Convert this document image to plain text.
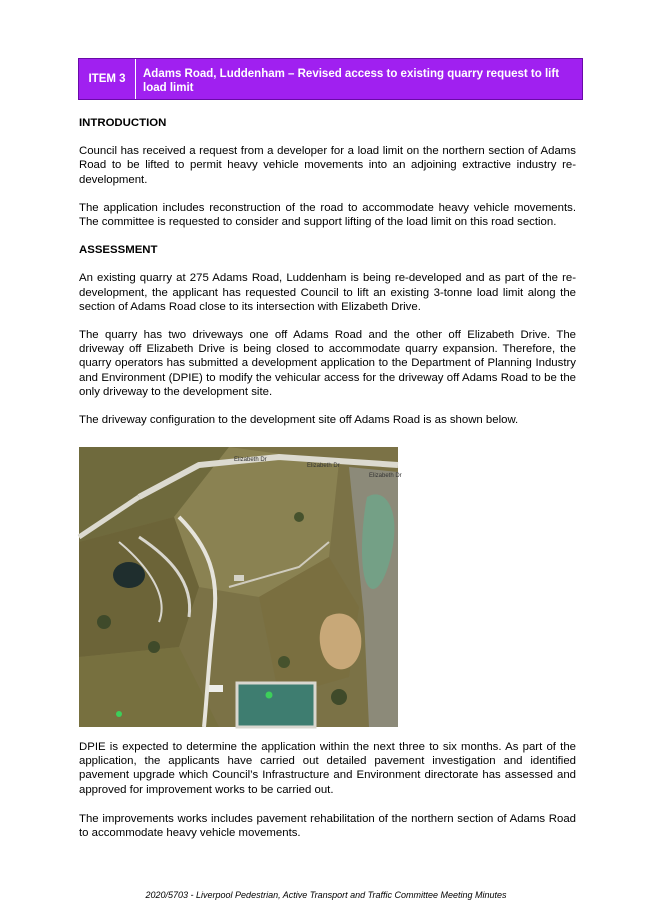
ITEM 3	Adams Road, Luddenham – Revised access to existing quarry request to lift load limit
INTRODUCTION

Council has received a request from a developer for a load limit on the northern section of Adams Road to be lifted to permit heavy vehicle movements into an adjoining extractive industry re-development.

The application includes reconstruction of the road to accommodate heavy vehicle movements. The committee is requested to consider and support lifting of the load limit on this road section.

ASSESSMENT

An existing quarry at 275 Adams Road, Luddenham is being re-developed and as part of the re-development, the applicant has requested Council to lift an existing 3-tonne load limit along the section of Adams Road close to its intersection with Elizabeth Drive.

The quarry has two driveways one off Adams Road and the other off Elizabeth Drive. The driveway off Elizabeth Drive is being closed to accommodate quarry expansion. Therefore, the quarry operators has submitted a development application to the Department of Planning Industry and Environment (DPIE) to modify the vehicular access for the driveway off Adams Road to be the only driveway to the development site.

The driveway configuration to the development site off Adams Road is as shown below.

Elizabeth Dr
Elizabeth Dr
Elizabeth Dr

DPIE is expected to determine the application within the next three to six months. As part of the application, the applicants have carried out detailed pavement investigation and identified pavement upgrade which Council’s Infrastructure and Environment directorate has assessed and approved for improvement works to be carried out.

The improvements works includes pavement rehabilitation of the northern section of Adams Road to accommodate heavy vehicle movements.

2020/5703 - Liverpool Pedestrian, Active Transport and Traffic Committee Meeting Minutes
